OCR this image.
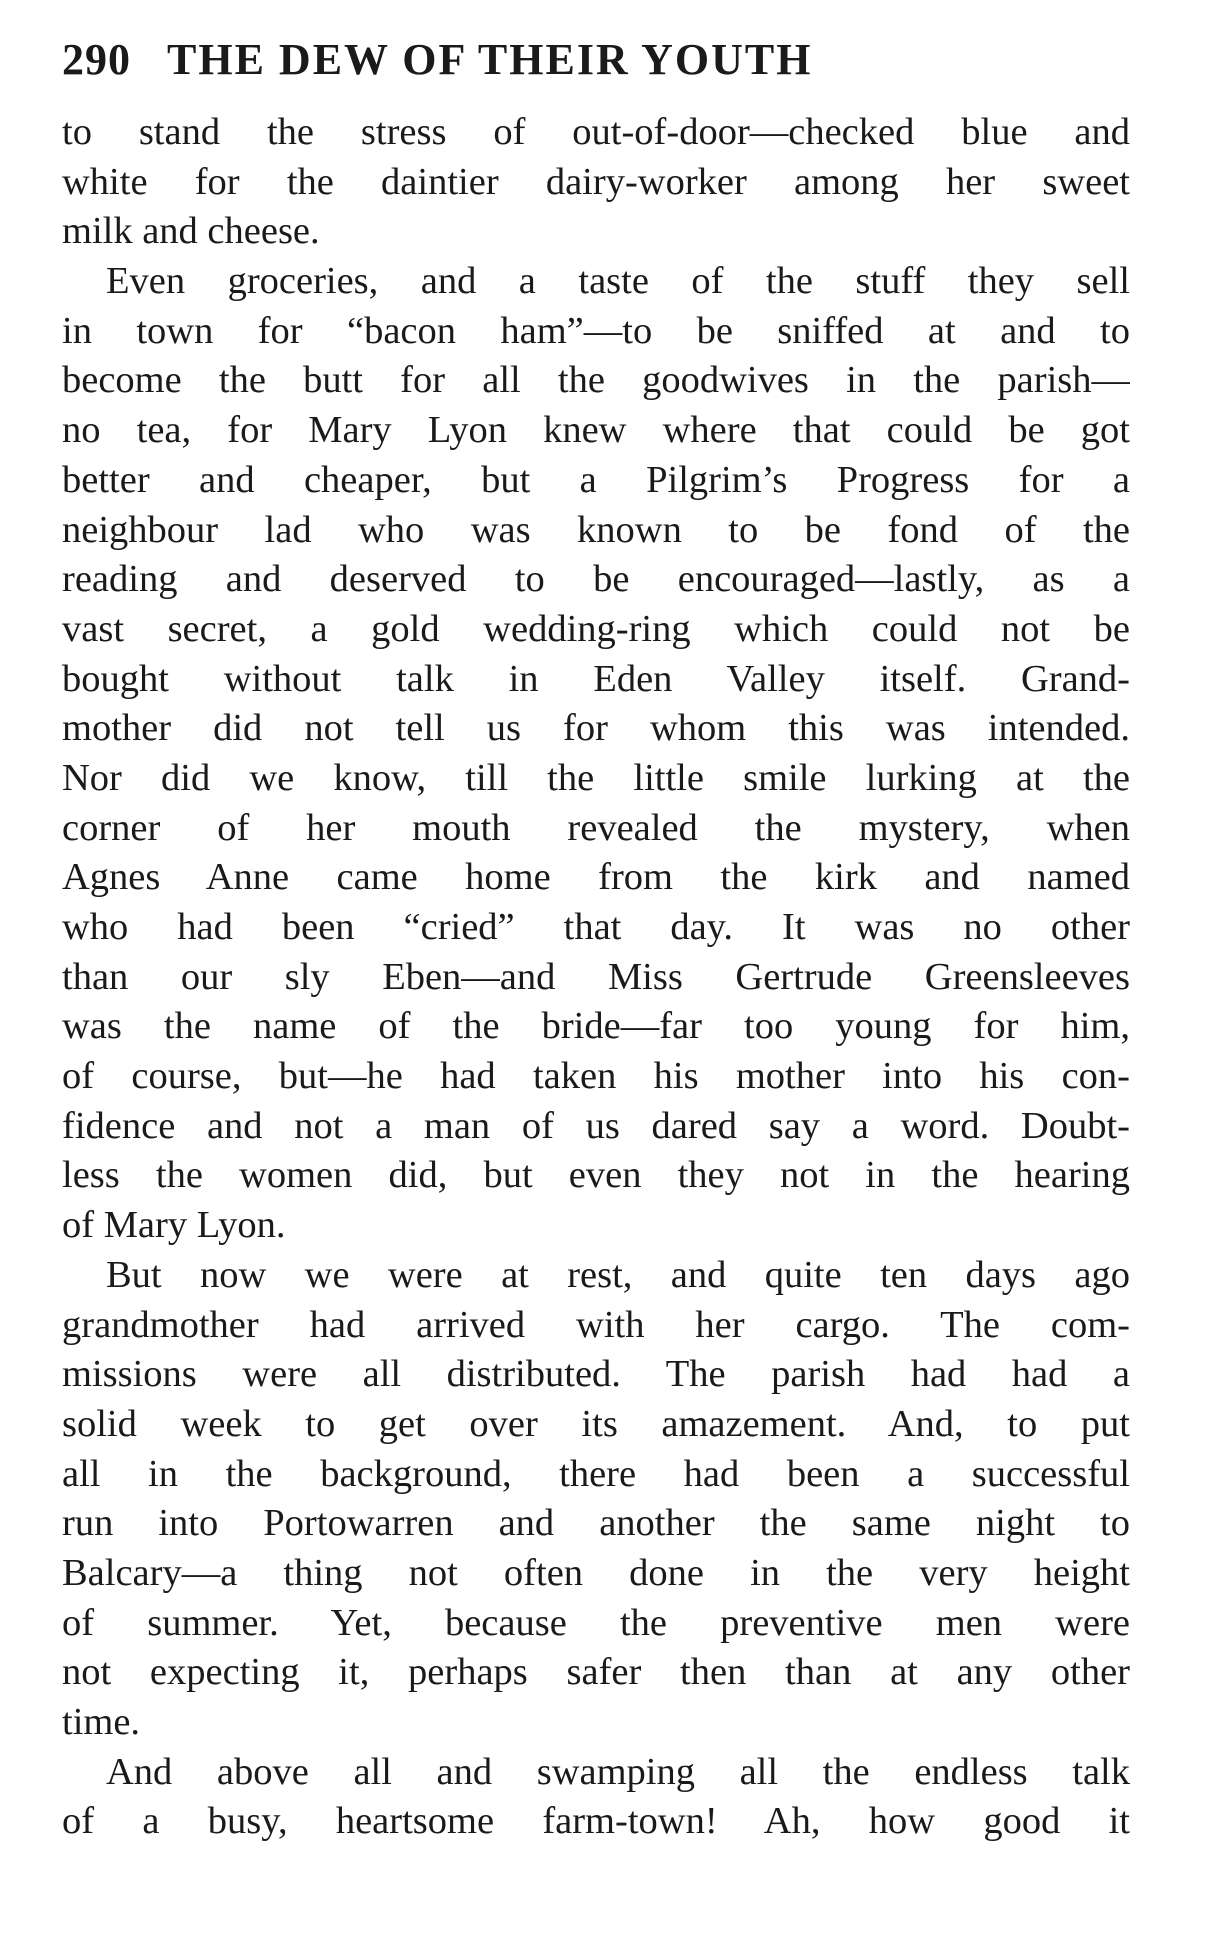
290 THE DEW OF THEIR YOUTH
to stand the stress of out-of-door—checked blue and
white for the daintier dairy-worker among her sweet
milk and cheese.
Even groceries, and a taste of the stuff they sell
in town for “bacon ham”—to be sniffed at and to
become the butt for all the goodwives in the parish—
no tea, for Mary Lyon knew where that could be got
better and cheaper, but a Pilgrim’s Progress for a
neighbour lad who was known to be fond of the
reading and deserved to be encouraged—lastly, as a
vast secret, a gold wedding-ring which could not be
bought without talk in Eden Valley itself. Grand-
mother did not tell us for whom this was intended.
Nor did we know, till the little smile lurking at the
corner of her mouth revealed the mystery, when
Agnes Anne came home from the kirk and named
who had been “cried” that day. It was no other
than our sly Eben—and Miss Gertrude Greensleeves
was the name of the bride—far too young for him,
of course, but—he had taken his mother into his con-
fidence and not a man of us dared say a word. Doubt-
less the women did, but even they not in the hearing
of Mary Lyon.
But now we were at rest, and quite ten days ago
grandmother had arrived with her cargo. The com-
missions were all distributed. The parish had had a
solid week to get over its amazement. And, to put
all in the background, there had been a successful
run into Portowarren and another the same night to
Balcary—a thing not often done in the very height
of summer. Yet, because the preventive men were
not expecting it, perhaps safer then than at any other
time.
And above all and swamping all the endless talk
of a busy, heartsome farm-town! Ah, how good it
